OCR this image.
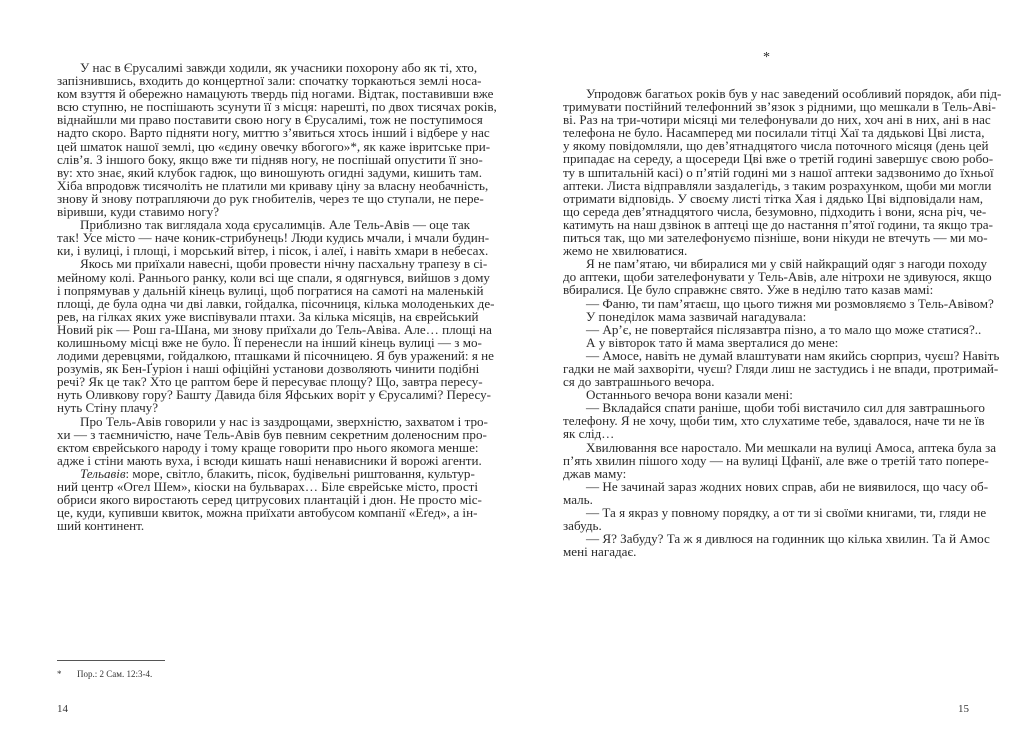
У нас в Єрусалимі завжди ходили, як учасники похорону або як ті, хто,
запізнившись, входить до концертної зали: спочатку торкаються землі носа-
ком взуття й обережно намацують твердь під ногами. Відтак, поставивши вже
всю ступню, не поспішають зсунути її з місця: нарешті, по двох тисячах років,
віднайшли ми право поставити свою ногу в Єрусалимі, тож не поступимося
надто скоро. Варто підняти ногу, миттю з’явиться хтось інший і відбере у нас
цей шматок нашої землі, цю «єдину овечку вбогого»*, як каже івритське при-
слів’я. З іншого боку, якщо вже ти підняв ногу, не поспішай опустити її зно-
ву: хто знає, який клубок гадюк, що виношують огидні задуми, кишить там.
Хіба впродовж тисячоліть не платили ми криваву ціну за власну необачність,
знову й знову потрапляючи до рук гнобителів, через те що ступали, не пере-
віривши, куди ставимо ногу?
Приблизно так виглядала хода єрусалимців. Але Тель-Авів — оце так
так! Усе місто — наче коник-стрибунець! Люди кудись мчали, і мчали будин-
ки, і вулиці, і площі, і морський вітер, і пісок, і алеї, і навіть хмари в небесах.
Якось ми приїхали навесні, щоби провести нічну пасхальну трапезу в сі-
мейному колі. Раннього ранку, коли всі ще спали, я одягнувся, вийшов з дому
і попрямував у дальній кінець вулиці, щоб погратися на самоті на маленькій
площі, де була одна чи дві лавки, гойдалка, пісочниця, кілька молоденьких де-
рев, на гілках яких уже виспівували птахи. За кілька місяців, на єврейський
Новий рік — Рош га-Шана, ми знову приїхали до Тель-Авіва. Але… площі на
колишньому місці вже не було. Її перенесли на інший кінець вулиці — з мо-
лодими деревцями, гойдалкою, пташками й пісочницею. Я був уражений: я не
розумів, як Бен-Ґуріон і наші офіційні установи дозволяють чинити подібні
речі? Як це так? Хто це раптом бере й пересуває площу? Що, завтра пересу-
нуть Оливкову гору? Башту Давида біля Яфських воріт у Єрусалимі? Пересу-
нуть Стіну плачу?
Про Тель-Авів говорили у нас із заздрощами, зверхністю, захватом і тро-
хи — з таємничістю, наче Тель-Авів був певним секретним доленосним про-
єктом єврейського народу і тому краще говорити про нього якомога менше:
адже і стіни мають вуха, і всюди кишать наші ненависники й ворожі агенти.
Тельавів: море, світло, блакить, пісок, будівельні риштовання, культур-
ний центр «Огел Шем», кіоски на бульварах… Біле єврейське місто, прості
обриси якого виростають серед цитрусових плантацій і дюн. Не просто міс-
це, куди, купивши квиток, можна приїхати автобусом компанії «Еґед», а ін-
ший континент.
* Пор.: 2 Сам. 12:3-4.
14
*
15
Упродовж багатьох років був у нас заведений особливий порядок, аби під-
тримувати постійний телефонний зв’язок з рідними, що мешкали в Тель-Аві-
ві. Раз на три-чотири місяці ми телефонували до них, хоч ані в них, ані в нас
телефона не було. Насамперед ми посилали тітці Хаї та дядькові Цві листа,
у якому повідомляли, що дев’ятнадцятого числа поточного місяця (день цей
припадає на середу, а щосереди Цві вже о третій годині завершує свою робо-
ту в шпитальній касі) о п’ятій годині ми з нашої аптеки задзвонимо до їхньої
аптеки. Листа відправляли заздалегідь, з таким розрахунком, щоби ми могли
отримати відповідь. У своєму листі тітка Хая і дядько Цві відповідали нам,
що середа дев’ятнадцятого числа, безумовно, підходить і вони, ясна річ, че-
катимуть на наш дзвінок в аптеці ще до настання п’ятої години, та якщо тра-
питься так, що ми зателефонуємо пізніше, вони нікуди не втечуть — ми мо-
жемо не хвилюватися.
Я не пам’ятаю, чи вбиралися ми у свій найкращий одяг з нагоди походу
до аптеки, щоби зателефонувати у Тель-Авів, але нітрохи не здивуюся, якщо
вбиралися. Це було справжнє свято. Уже в неділю тато казав мамі:
— Фаню, ти пам’ятаєш, що цього тижня ми розмовляємо з Тель-Авівом?
У понеділок мама зазвичай нагадувала:
— Ар’є, не повертайся післязавтра пізно, а то мало що може статися?..
А у вівторок тато й мама зверталися до мене:
— Амосе, навіть не думай влаштувати нам якийсь сюрприз, чуєш? Навіть
гадки не май захворіти, чуєш? Гляди лиш не застудись і не впади, протримай-
ся до завтрашнього вечора.
Останнього вечора вони казали мені:
— Вкладайся спати раніше, щоби тобі вистачило сил для завтрашнього
телефону. Я не хочу, щоби тим, хто слухатиме тебе, здавалося, наче ти не їв
як слід…
Хвилювання все наростало. Ми мешкали на вулиці Амоса, аптека була за
п’ять хвилин пішого ходу — на вулиці Цфанії, але вже о третій тато попере-
джав маму:
— Не зачинай зараз жодних нових справ, аби не виявилося, що часу об-
маль.
— Та я якраз у повному порядку, а от ти зі своїми книгами, ти, гляди не
забудь.
— Я? Забуду? Та ж я дивлюся на годинник що кілька хвилин. Та й Амос
мені нагадає.
